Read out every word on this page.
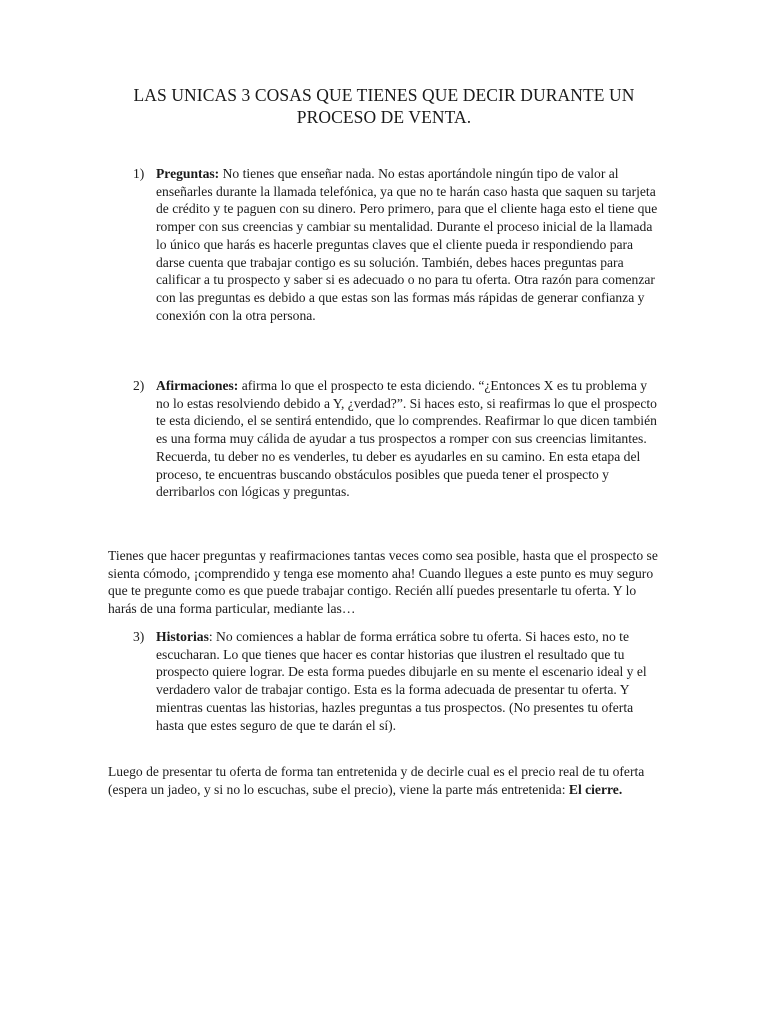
LAS UNICAS 3 COSAS QUE TIENES QUE DECIR DURANTE UN
PROCESO DE VENTA.
1) Preguntas: No tienes que enseñar nada. No estas aportándole ningún tipo de valor al enseñarles durante la llamada telefónica, ya que no te harán caso hasta que saquen su tarjeta de crédito y te paguen con su dinero. Pero primero, para que el cliente haga esto el tiene que romper con sus creencias y cambiar su mentalidad. Durante el proceso inicial de la llamada lo único que harás es hacerle preguntas claves que el cliente pueda ir respondiendo para darse cuenta que trabajar contigo es su solución. También, debes haces preguntas para calificar a tu prospecto y saber si es adecuado o no para tu oferta. Otra razón para comenzar con las preguntas es debido a que estas son las formas más rápidas de generar confianza y conexión con la otra persona.
2) Afirmaciones: afirma lo que el prospecto te esta diciendo. “¿Entonces X es tu problema y no lo estas resolviendo debido a Y, ¿verdad?”. Si haces esto, si reafirmas lo que el prospecto te esta diciendo, el se sentirá entendido, que lo comprendes. Reafirmar lo que dicen también es una forma muy cálida de ayudar a tus prospectos a romper con sus creencias limitantes. Recuerda, tu deber no es venderles, tu deber es ayudarles en su camino. En esta etapa del proceso, te encuentras buscando obstáculos posibles que pueda tener el prospecto y derribarlos con lógicas y preguntas.
Tienes que hacer preguntas y reafirmaciones tantas veces como sea posible, hasta que el prospecto se sienta cómodo, ¡comprendido y tenga ese momento aha! Cuando llegues a este punto es muy seguro que te pregunte como es que puede trabajar contigo. Recién allí puedes presentarle tu oferta. Y lo harás de una forma particular, mediante las…
3) Historias: No comiences a hablar de forma errática sobre tu oferta. Si haces esto, no te escucharan. Lo que tienes que hacer es contar historias que ilustren el resultado que tu prospecto quiere lograr. De esta forma puedes dibujarle en su mente el escenario ideal y el verdadero valor de trabajar contigo. Esta es la forma adecuada de presentar tu oferta. Y mientras cuentas las historias, hazles preguntas a tus prospectos. (No presentes tu oferta hasta que estes seguro de que te darán el sí).
Luego de presentar tu oferta de forma tan entretenida y de decirle cual es el precio real de tu oferta (espera un jadeo, y si no lo escuchas, sube el precio), viene la parte más entretenida: El cierre.
